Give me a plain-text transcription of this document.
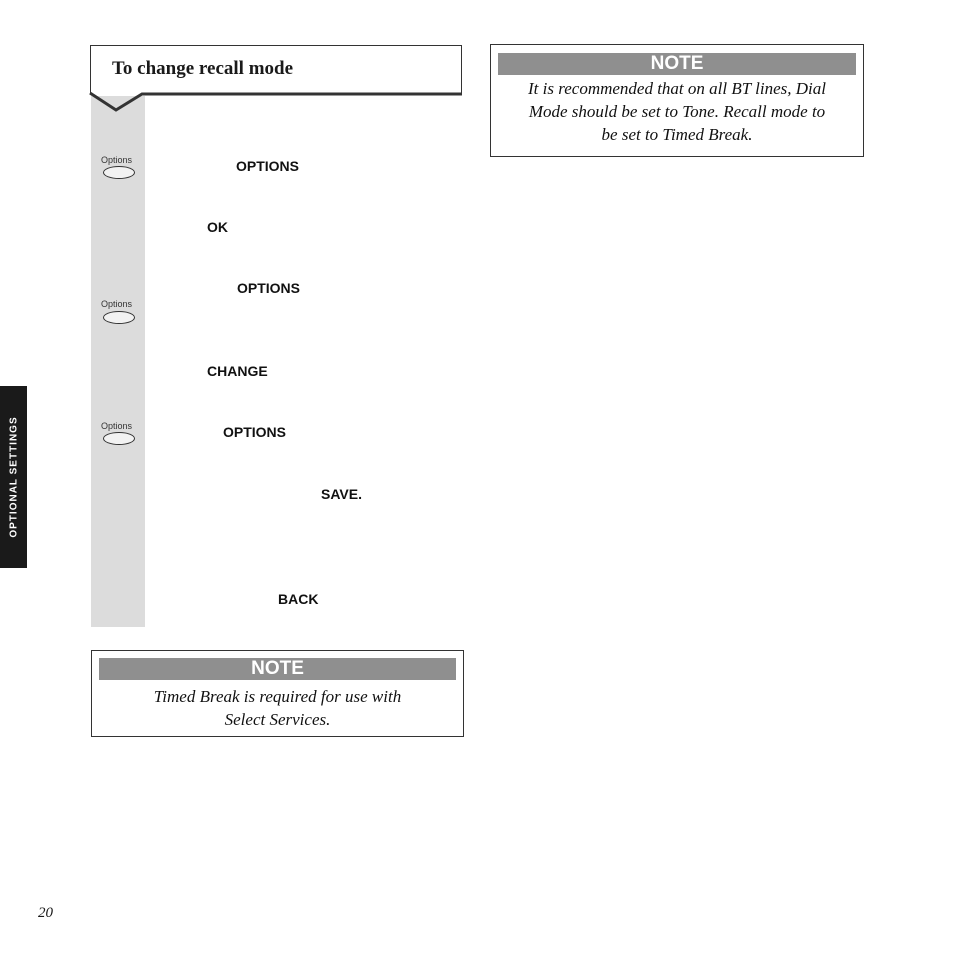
To change recall mode
Options
Options
Options
OPTIONS
OK
OPTIONS
CHANGE
OPTIONS
SAVE.
BACK
NOTE
Timed Break is required for use with
Select Services.
NOTE
It is recommended that on all BT lines, Dial
Mode should be set to Tone. Recall mode to
be set to Timed Break.
OPTIONAL SETTINGS
20
